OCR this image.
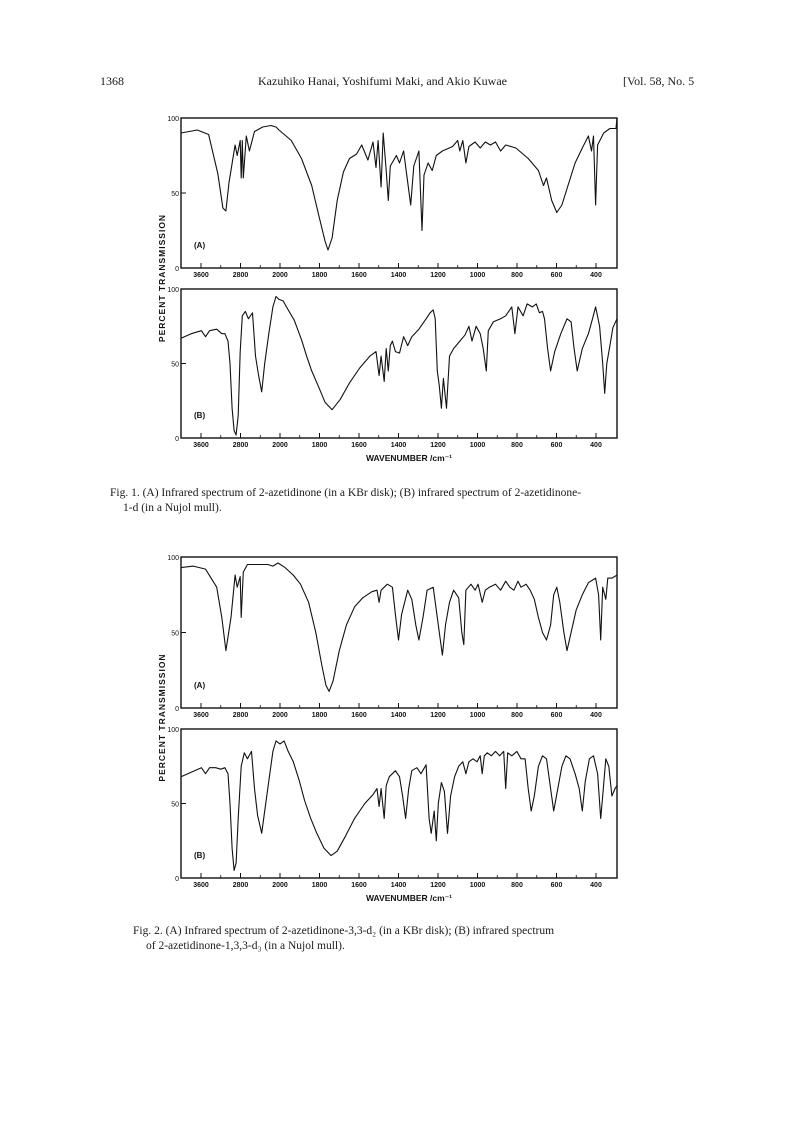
1368	Kazuhiko Hanai, Yoshifumi Maki, and Akio Kuwae	[Vol. 58, No. 5
100
50
0
3600	2800	2000	1800	1600	1400	1200	1000	800	600	400
(A)
100
50
0
3600	2800	2000	1800	1600	1400	1200	1000	800	600	400
(B)
PERCENT TRANSMISSION
WAVENUMBER /cm⁻¹
Fig. 1. (A) Infrared spectrum of 2-azetidinone (in a KBr disk); (B) infrared spectrum of 2-azetidinone-
1-d (in a Nujol mull).
100
50
0
3600	2800	2000	1800	1600	1400	1200	1000	800	600	400
(A)
100
50
0
3600	2800	2000	1800	1600	1400	1200	1000	800	600	400
(B)
PERCENT TRANSMISSION
WAVENUMBER /cm⁻¹
Fig. 2. (A) Infrared spectrum of 2-azetidinone-3,3-d₂ (in a KBr disk); (B) infrared spectrum
of 2-azetidinone-1,3,3-d₃ (in a Nujol mull).
